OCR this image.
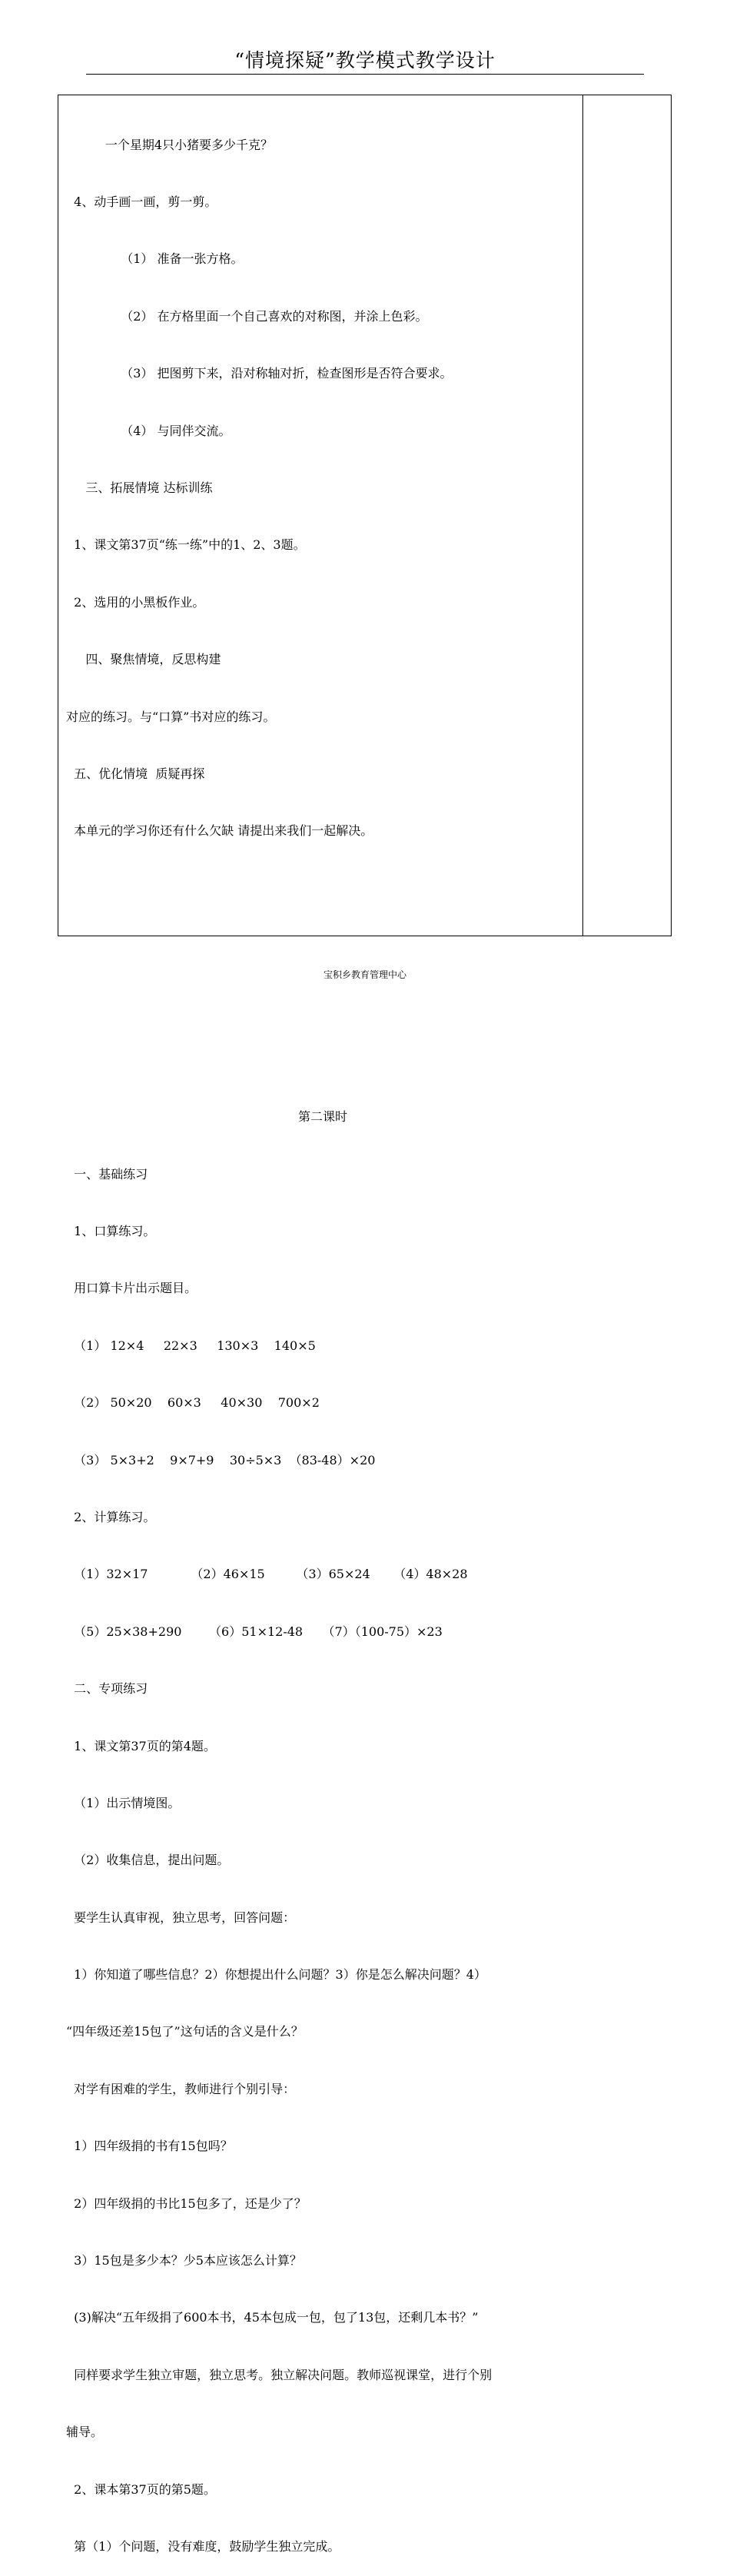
“情境探疑”教学模式教学设计

一个星期4只小猪要多少千克？

4、动手画一画，剪一剪。

（1） 准备一张方格。

（2） 在方格里面一个自己喜欢的对称图，并涂上色彩。

（3） 把图剪下来，沿对称轴对折，检查图形是否符合要求。

（4） 与同伴交流。

三、拓展情境 达标训练

1、课文第37页“练一练”中的1、2、3题。

2、选用的小黑板作业。

四、聚焦情境，反思构建

对应的练习。与“口算”书对应的练习。

五、优化情境  质疑再探

本单元的学习你还有什么欠缺 请提出来我们一起解决。

第二课时

一、基础练习

1、口算练习。

用口算卡片出示题目。

（1） 12×4     22×3     130×3    140×5

（2） 50×20    60×3     40×30    700×2

（3） 5×3+2    9×7+9    30÷5×3  （83-48）×20

2、计算练习。

（1）32×17           （2）46×15        （3）65×24      （4）48×28

（5）25×38+290       （6）51×12-48     （7）（100-75）×23

二、专项练习

1、课文第37页的第4题。

（1）出示情境图。

（2）收集信息，提出问题。

要学生认真审视，独立思考，回答问题：

1）你知道了哪些信息？2）你想提出什么问题？3）你是怎么解决问题？4）

“四年级还差15包了”这句话的含义是什么？

对学有困难的学生，教师进行个别引导：

1）四年级捐的书有15包吗？

2）四年级捐的书比15包多了，还是少了？

3）15包是多少本？少5本应该怎么计算？

(3)解决“五年级捐了600本书，45本包成一包，包了13包，还剩几本书？”

同样要求学生独立审题，独立思考。独立解决问题。教师巡视课堂，进行个别

辅导。

2、课本第37页的第5题。

第（1）个问题，没有难度，鼓励学生独立完成。

宝积乡教育管理中心
